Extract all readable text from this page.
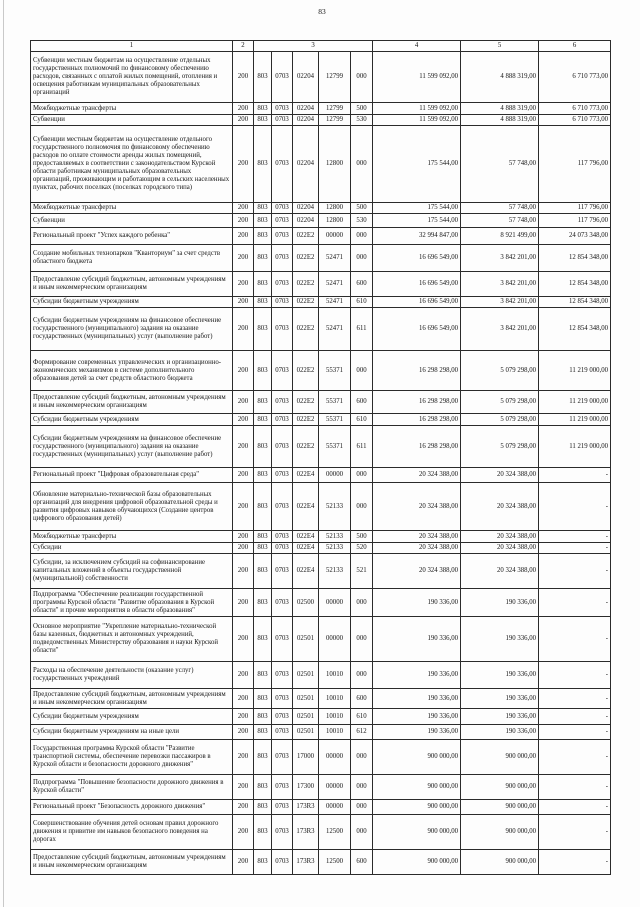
83
1	2	3					4	5	6
Субвенции местным бюджетам на осуществление отдельных государственных полномочий по финансовому обеспечению расходов, связанных с оплатой жилых помещений, отопления и освещения работникам муниципальных образовательных организаций	200	803	0703	02204	12799	000	11 599 092,00	4 888 319,00	6 710 773,00
Межбюджетные трансферты	200	803	0703	02204	12799	500	11 599 092,00	4 888 319,00	6 710 773,00
Субвенции	200	803	0703	02204	12799	530	11 599 092,00	4 888 319,00	6 710 773,00
Субвенции местным бюджетам на осуществление отдельного государственного полномочия по финансовому обеспечению расходов по оплате стоимости аренды жилых помещений, предоставляемых в соответствии с законодательством Курской области работникам муниципальных образовательных организаций, проживающим и работающим в сельских населенных пунктах, рабочих поселках (поселках городского типа)	200	803	0703	02204	12800	000	175 544,00	57 748,00	117 796,00
Межбюджетные трансферты	200	803	0703	02204	12800	500	175 544,00	57 748,00	117 796,00
Субвенции	200	803	0703	02204	12800	530	175 544,00	57 748,00	117 796,00
Региональный проект "Успех каждого ребенка"	200	803	0703	022E2	00000	000	32 994 847,00	8 921 499,00	24 073 348,00
Создание мобильных технопарков "Кванториум" за счет средств областного бюджета	200	803	0703	022E2	52471	000	16 696 549,00	3 842 201,00	12 854 348,00
Предоставление субсидий бюджетным, автономным учреждениям и иным некоммерческим организациям	200	803	0703	022E2	52471	600	16 696 549,00	3 842 201,00	12 854 348,00
Субсидии бюджетным учреждениям	200	803	0703	022E2	52471	610	16 696 549,00	3 842 201,00	12 854 348,00
Субсидии бюджетным учреждениям на финансовое обеспечение государственного (муниципального) задания на оказание государственных (муниципальных) услуг (выполнение работ)	200	803	0703	022E2	52471	611	16 696 549,00	3 842 201,00	12 854 348,00
Формирование современных управленческих и организационно-экономических механизмов в системе дополнительного образования детей за счет средств областного бюджета	200	803	0703	022E2	55371	000	16 298 298,00	5 079 298,00	11 219 000,00
Предоставление субсидий бюджетным, автономным учреждениям и иным некоммерческим организациям	200	803	0703	022E2	55371	600	16 298 298,00	5 079 298,00	11 219 000,00
Субсидии бюджетным учреждениям	200	803	0703	022E2	55371	610	16 298 298,00	5 079 298,00	11 219 000,00
Субсидии бюджетным учреждениям на финансовое обеспечение государственного (муниципального) задания на оказание государственных (муниципальных) услуг (выполнение работ)	200	803	0703	022E2	55371	611	16 298 298,00	5 079 298,00	11 219 000,00
Региональный проект "Цифровая образовательная среда"	200	803	0703	022E4	00000	000	20 324 388,00	20 324 388,00	-
Обновление материально-технической базы образовательных организаций для внедрения цифровой образовательной среды и развития цифровых навыков обучающихся (Создание центров цифрового образования детей)	200	803	0703	022E4	52133	000	20 324 388,00	20 324 388,00	-
Межбюджетные трансферты	200	803	0703	022E4	52133	500	20 324 388,00	20 324 388,00	-
Субсидии	200	803	0703	022E4	52133	520	20 324 388,00	20 324 388,00	-
Субсидии, за исключением субсидий на софинансирование капитальных вложений в объекты государственной (муниципальной) собственности	200	803	0703	022E4	52133	521	20 324 388,00	20 324 388,00	-
Подпрограмма "Обеспечение реализации государственной программы Курской области "Развитие образования в Курской области" и прочие мероприятия в области образования"	200	803	0703	02500	00000	000	190 336,00	190 336,00	-
Основное мероприятие "Укрепление материально-технической базы казенных, бюджетных и автономных учреждений, подведомственных Министерству образования и науки Курской области"	200	803	0703	02501	00000	000	190 336,00	190 336,00	-
Расходы на обеспечение деятельности (оказание услуг) государственных учреждений	200	803	0703	02501	10010	000	190 336,00	190 336,00	-
Предоставление субсидий бюджетным, автономным учреждениям и иным некоммерческим организациям	200	803	0703	02501	10010	600	190 336,00	190 336,00	-
Субсидии бюджетным учреждениям	200	803	0703	02501	10010	610	190 336,00	190 336,00	-
Субсидии бюджетным учреждениям на иные цели	200	803	0703	02501	10010	612	190 336,00	190 336,00	-
Государственная программа Курской области "Развитие транспортной системы, обеспечение перевозки пассажиров в Курской области и безопасности дорожного движения"	200	803	0703	17000	00000	000	900 000,00	900 000,00	-
Подпрограмма "Повышение безопасности дорожного движения в Курской области"	200	803	0703	17300	00000	000	900 000,00	900 000,00	-
Региональный проект "Безопасность дорожного движения"	200	803	0703	173R3	00000	000	900 000,00	900 000,00	-
Совершенствование обучения детей основам правил дорожного движения и привитие им навыков безопасного поведения на дорогах	200	803	0703	173R3	12500	000	900 000,00	900 000,00	-
Предоставление субсидий бюджетным, автономным учреждениям и иным некоммерческим организациям	200	803	0703	173R3	12500	600	900 000,00	900 000,00	-
